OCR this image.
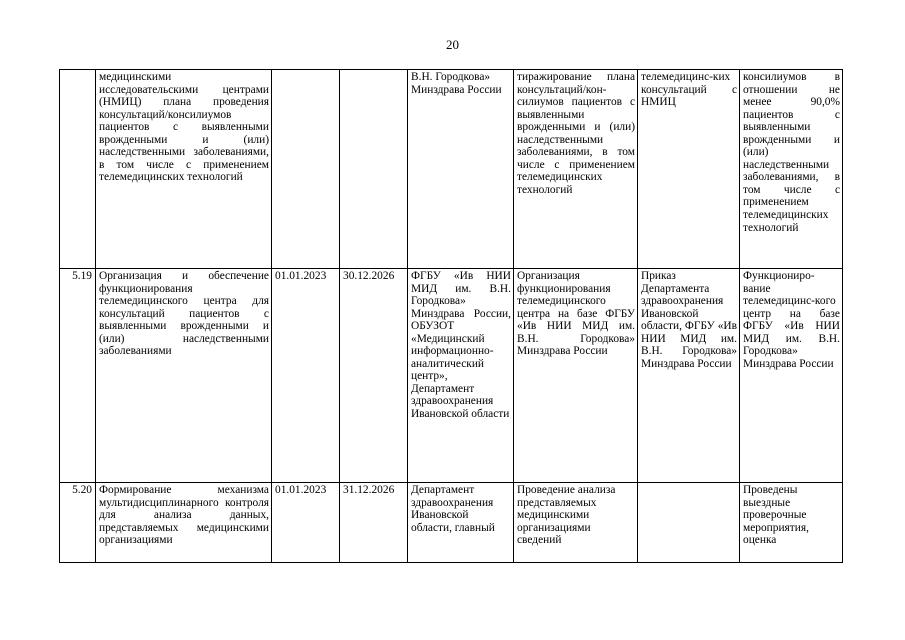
20
	медицинскими исследовательскими центрами (НМИЦ) плана проведения консультаций/консилиумов пациентов с выявленными врожденными и (или) наследственными заболеваниями, в том числе с применением телемедицинских технологий			В.Н. Городкова» Минздрава России	тиражирование плана консультаций/кон-силиумов пациентов с выявленными врожденными и (или) наследственными заболеваниями, в том числе с применением телемедицинских технологий	телемедицинс-ких консультаций с НМИЦ	консилиумов в отношении не менее 90,0% пациентов с выявленными врожденными и (или) наследственными заболеваниями, в том числе с применением телемедицинских технологий
5.19	Организация и обеспечение функционирования телемедицинского центра для консультаций пациентов с выявленными врожденными и (или) наследственными заболеваниями	01.01.2023	30.12.2026	ФГБУ «Ив НИИ МИД им. В.Н. Городкова» Минздрава России, ОБУЗОТ «Медицинский информационно-аналитический центр», Департамент здравоохранения Ивановской области	Организация функционирования телемедицинского центра на базе ФГБУ «Ив НИИ МИД им. В.Н. Городкова» Минздрава России	Приказ Департамента здравоохранения Ивановской области, ФГБУ «Ив НИИ МИД им. В.Н. Городкова» Минздрава России	Функциониро-вание телемедицинс-кого центр на базе ФГБУ «Ив НИИ МИД им. В.Н. Городкова» Минздрава России
5.20	Формирование механизма мультидисциплинарного контроля для анализа данных, представляемых медицинскими организациями	01.01.2023	31.12.2026	Департамент здравоохранения Ивановской области, главный	Проведение анализа представляемых медицинскими организациями сведений		Проведены выездные проверочные мероприятия, оценка
